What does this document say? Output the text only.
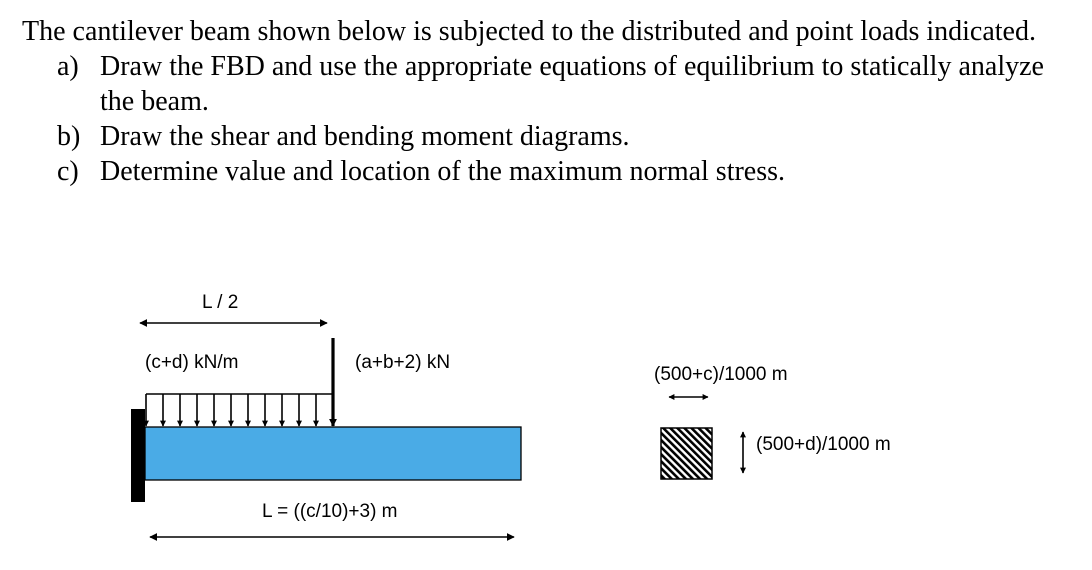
The cantilever beam shown below is subjected to the distributed and point loads indicated.

a) Draw the FBD and use the appropriate equations of equilibrium to statically analyze the beam.
b) Draw the shear and bending moment diagrams.
c) Determine value and location of the maximum normal stress.
L / 2
(c+d) kN/m	(a+b+2) kN
L = ((c/10)+3) m
(500+c)/1000 m
(500+d)/1000 m
